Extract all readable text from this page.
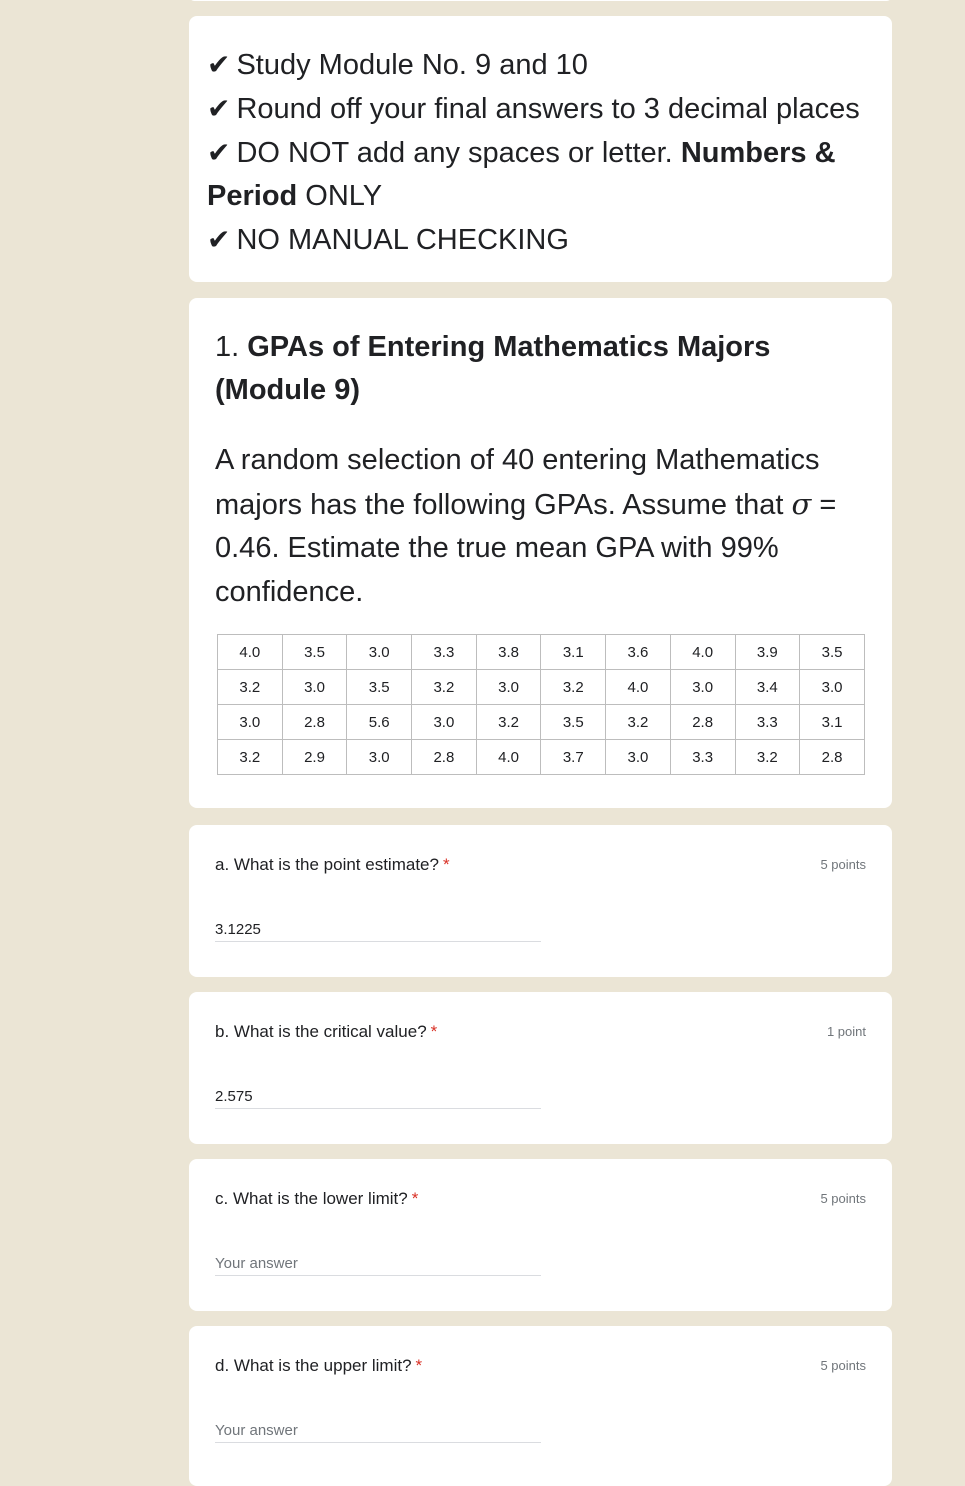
✔ Study Module No. 9 and 10
✔ Round off your final answers to 3 decimal places
✔ DO NOT add any spaces or letter. Numbers &
Period ONLY
✔ NO MANUAL CHECKING

1. GPAs of Entering Mathematics Majors (Module 9)

A random selection of 40 entering Mathematics majors has the following GPAs. Assume that σ = 0.46. Estimate the true mean GPA with 99% confidence.
4.0	3.5	3.0	3.3	3.8	3.1	3.6	4.0	3.9	3.5
3.2	3.0	3.5	3.2	3.0	3.2	4.0	3.0	3.4	3.0
3.0	2.8	5.6	3.0	3.2	3.5	3.2	2.8	3.3	3.1
3.2	2.9	3.0	2.8	4.0	3.7	3.0	3.3	3.2	2.8
a. What is the point estimate? *	5 points
3.1225
b. What is the critical value? *	1 point
2.575
c. What is the lower limit? *	5 points
Your answer
d. What is the upper limit? *	5 points
Your answer
